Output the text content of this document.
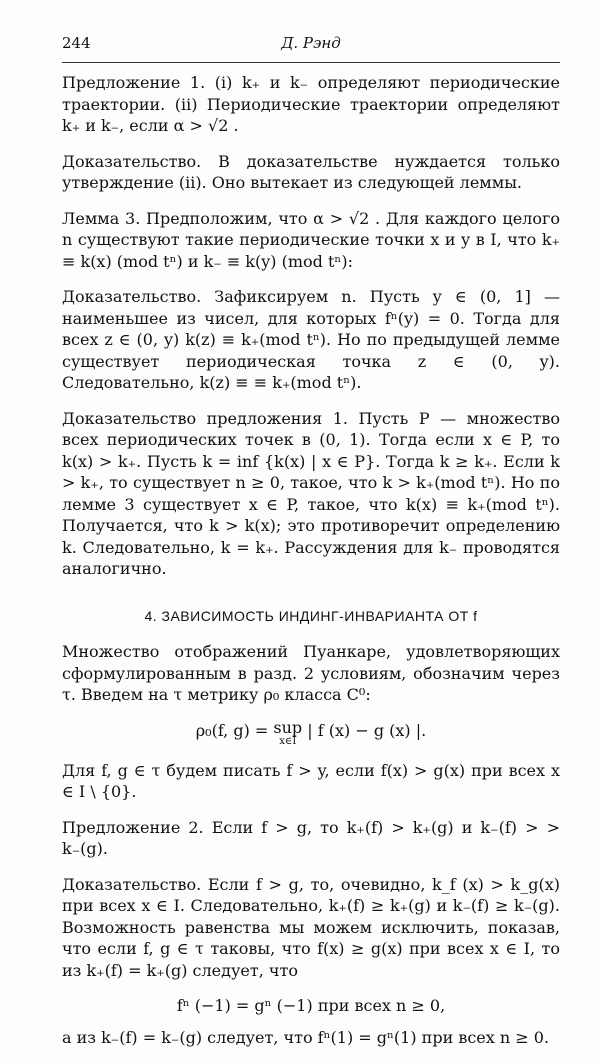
244	Д. Рэнд

Предложение 1. (i) k₊ и k₋ определяют периодические траектории. (ii) Периодические траектории определяют k₊ и k₋, если α > √2 .

Доказательство. В доказательстве нуждается только утверждение (ii). Оно вытекает из следующей леммы.

Лемма 3. Предположим, что α > √2 . Для каждого целого n существуют такие периодические точки x и y в I, что k₊ ≡ k(x) (mod tⁿ) и k₋ ≡ k(y) (mod tⁿ):

Доказательство. Зафиксируем n. Пусть y ∈ (0, 1] — наименьшее из чисел, для которых fⁿ(y) = 0. Тогда для всех z ∈ (0, y) k(z) ≡ k₊(mod tⁿ). Но по предыдущей лемме существует периодическая точка z ∈ (0, y). Следовательно, k(z) ≡ ≡ k₊(mod tⁿ).

Доказательство предложения 1. Пусть P — множество всех периодических точек в (0, 1). Тогда если x ∈ P, то k(x) > k₊. Пусть k = inf {k(x) | x ∈ P}. Тогда k ≥ k₊. Если k > k₊, то существует n ≥ 0, такое, что k > k₊(mod tⁿ). Но по лемме 3 существует x ∈ P, такое, что k(x) ≡ k₊(mod tⁿ). Получается, что k > k(x); это противоречит определению k. Следовательно, k = k₊. Рассуждения для k₋ проводятся аналогично.

4. ЗАВИСИМОСТЬ ИНДИНГ-ИНВАРИАНТА ОТ f

Множество отображений Пуанкаре, удовлетворяющих сформулированным в разд. 2 условиям, обозначим через τ. Введем на τ метрику ρ₀ класса C⁰:

ρ₀(f, g) = sup
x∈I
| f (x) − g (x) |.

Для f, g ∈ τ будем писать f > y, если f(x) > g(x) при всех x ∈ I \ {0}.

Предложение 2. Если f > g, то k₊(f) > k₊(g) и k₋(f) > > k₋(g).

Доказательство. Если f > g, то, очевидно, k_f (x) > k_g(x) при всех x ∈ I. Следовательно, k₊(f) ≥ k₊(g) и k₋(f) ≥ k₋(g). Возможность равенства мы можем исключить, показав, что если f, g ∈ τ таковы, что f(x) ≥ g(x) при всех x ∈ I, то из k₊(f) = k₊(g) следует, что

fⁿ (−1) = gⁿ (−1) при всех n ≥ 0,

а из k₋(f) = k₋(g) следует, что fⁿ(1) = gⁿ(1) при всех n ≥ 0.
